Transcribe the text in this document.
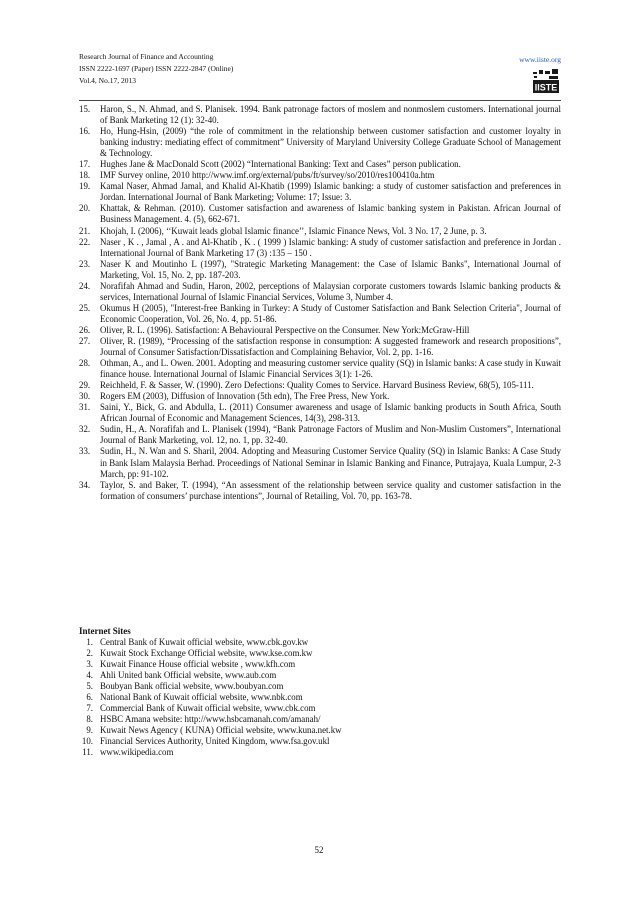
Research Journal of Finance and Accounting
ISSN 2222-1697 (Paper) ISSN 2222-2847 (Online)
Vol.4, No.17, 2013
www.iiste.org
IISTE
15. Haron, S., N. Ahmad, and S. Planisek. 1994. Bank patronage factors of moslem and nonmoslem customers. International journal of Bank Marketing 12 (1): 32-40.
16. Ho, Hung-Hsin, (2009) “the role of commitment in the relationship between customer satisfaction and customer loyalty in banking industry: mediating effect of commitment” University of Maryland University College Graduate School of Management & Technology.
17. Hughes Jane & MacDonald Scott (2002) “International Banking: Text and Cases” person publication.
18. IMF Survey online, 2010 http://www.imf.org/external/pubs/ft/survey/so/2010/res100410a.htm
19. Kamal Naser, Ahmad Jamal, and Khalid Al-Khatib (1999) Islamic banking: a study of customer satisfaction and preferences in Jordan. International Journal of Bank Marketing; Volume: 17; Issue: 3.
20. Khattak, & Rehman. (2010). Customer satisfaction and awareness of Islamic banking system in Pakistan. African Journal of Business Management. 4. (5), 662-671.
21. Khojah, I. (2006), ‘‘Kuwait leads global Islamic finance’’, Islamic Finance News, Vol. 3 No. 17, 2 June, p. 3.
22. Naser , K . , Jamal , A . and Al-Khatib , K . ( 1999 ) Islamic banking: A study of customer satisfaction and preference in Jordan . International Journal of Bank Marketing 17 (3) :135 – 150 .
23. Naser K and Moutinho L (1997), "Strategic Marketing Management: the Case of Islamic Banks", International Journal of Marketing, Vol. 15, No. 2, pp. 187-203.
24. Norafifah Ahmad and Sudin, Haron, 2002, perceptions of Malaysian corporate customers towards Islamic banking products & services, International Journal of Islamic Financial Services, Volume 3, Number 4.
25. Okumus H (2005), "Interest-free Banking in Turkey: A Study of Customer Satisfaction and Bank Selection Criteria", Journal of Economic Cooperation, Vol. 26, No. 4, pp. 51-86.
26. Oliver, R. L. (1996). Satisfaction: A Behavioural Perspective on the Consumer. New York:McGraw-Hill
27. Oliver, R. (1989), “Processing of the satisfaction response in consumption: A suggested framework and research propositions”, Journal of Consumer Satisfaction/Dissatisfaction and Complaining Behavior, Vol. 2, pp. 1-16.
28. Othman, A., and L. Owen. 2001. Adopting and measuring customer service quality (SQ) in Islamic banks: A case study in Kuwait finance house. International Journal of Islamic Financial Services 3(1): 1-26.
29. Reichheld, F. & Sasser, W. (1990). Zero Defections: Quality Comes to Service. Harvard Business Review, 68(5), 105-111.
30. Rogers EM (2003), Diffusion of Innovation (5th edn), The Free Press, New York.
31. Saini, Y., Bick, G. and Abdulla, L. (2011) Consumer awareness and usage of Islamic banking products in South Africa, South African Journal of Economic and Management Sciences, 14(3), 298-313.
32. Sudin, H., A. Norafifah and L. Planisek (1994), “Bank Patronage Factors of Muslim and Non-Muslim Customers”, International Journal of Bank Marketing, vol. 12, no. 1, pp. 32-40.
33. Sudin, H., N. Wan and S. Sharil, 2004. Adopting and Measuring Customer Service Quality (SQ) in Islamic Banks: A Case Study in Bank Islam Malaysia Berhad. Proceedings of National Seminar in Islamic Banking and Finance, Putrajaya, Kuala Lumpur, 2-3 March, pp: 91-102.
34. Taylor, S. and Baker, T. (1994), “An assessment of the relationship between service quality and customer satisfaction in the formation of consumers’ purchase intentions”, Journal of Retailing, Vol. 70, pp. 163-78.
Internet Sites
1. Central Bank of Kuwait official website, www.cbk.gov.kw
2. Kuwait Stock Exchange Official website, www.kse.com.kw
3. Kuwait Finance House official website , www.kfh.com
4. Ahli United bank Official website, www.aub.com
5. Boubyan Bank official website, www.boubyan.com
6. National Bank of Kuwait official website, www.nbk.com
7. Commercial Bank of Kuwait official website, www.cbk.com
8. HSBC Amana website: http://www.hsbcamanah.com/amanah/
9. Kuwait News Agency ( KUNA) Official website, www.kuna.net.kw
10. Financial Services Authority, United Kingdom, www.fsa.gov.ukl
11. www.wikipedia.com
52
